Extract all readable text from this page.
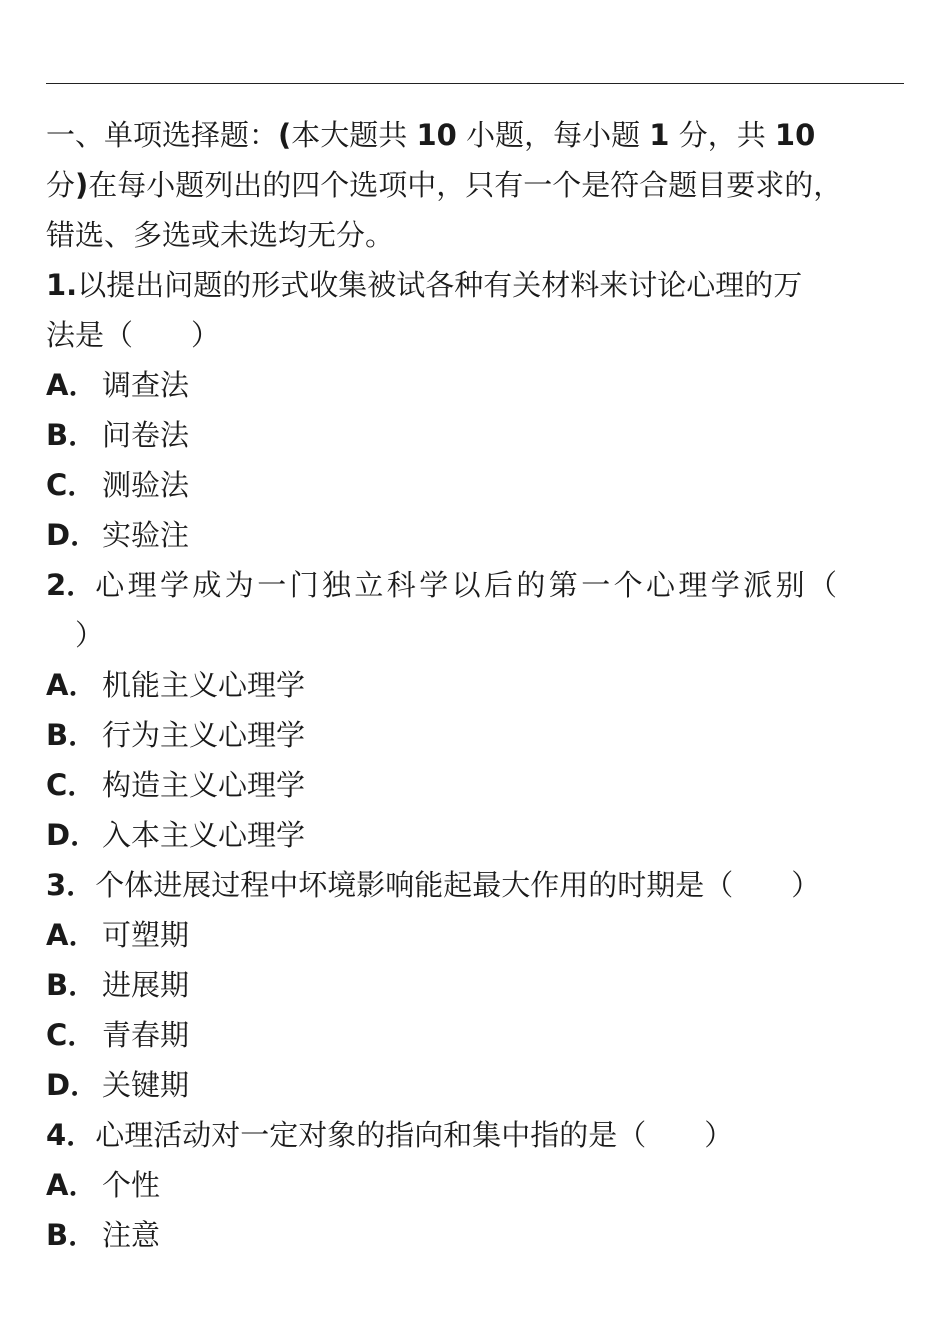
一、单项选择题：(本大题共 10 小题，每小题 1 分，共 10
分)在每小题列出的四个选项中，只有一个是符合题目要求的，
错选、多选或未选均无分。
1.以提出问题的形式收集被试各种有关材料来讨论心理的万
法是（　　）
A． 调查法
B． 问卷法
C． 测验法
D． 实验注
2．心理学成为一门独立科学以后的第一个心理学派别（
　）
A． 机能主义心理学
B． 行为主义心理学
C． 构造主义心理学
D． 入本主义心理学
3．个体进展过程中坏境影响能起最大作用的时期是（　　）
A． 可塑期
B． 进展期
C． 青春期
D． 关键期
4．心理活动对一定对象的指向和集中指的是（　　）
A． 个性
B． 注意
